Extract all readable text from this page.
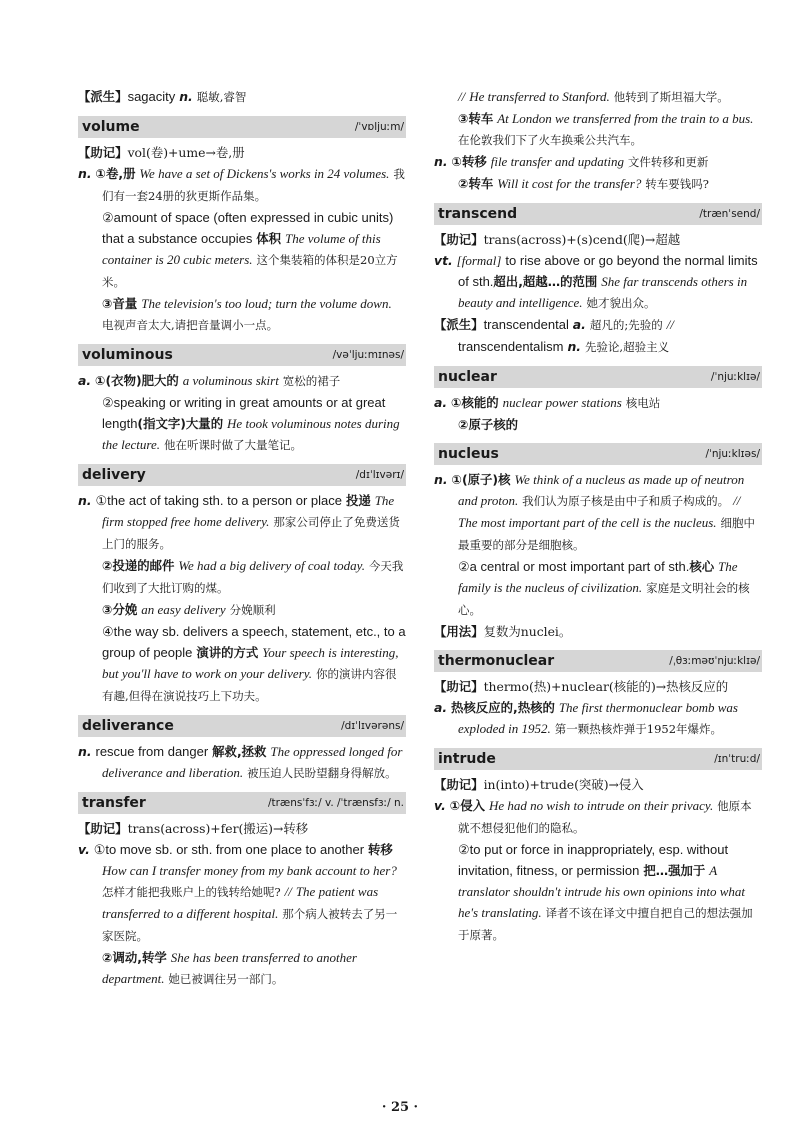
【派生】sagacity n. 聪敏,睿智
volume	/ˈvɒljuːm/
【助记】vol(卷)+ume→卷,册
n. ①卷,册 We have a set of Dickens's works in 24 volumes. 我们有一套24册的狄更斯作品集。
②amount of space (often expressed in cubic units) that a substance occupies 体积 The volume of this container is 20 cubic meters. 这个集装箱的体积是20立方米。
③音量 The television's too loud; turn the volume down. 电视声音太大,请把音量调小一点。
voluminous	/vəˈljuːmɪnəs/
a. ①(衣物)肥大的 a voluminous skirt 宽松的裙子
②speaking or writing in great amounts or at great length(指文字)大量的 He took voluminous notes during the lecture. 他在听课时做了大量笔记。
delivery	/dɪˈlɪvərɪ/
n. ①the act of taking sth. to a person or place 投递 The firm stopped free home delivery. 那家公司停止了免费送货上门的服务。
②投递的邮件 We had a big delivery of coal today. 今天我们收到了大批订购的煤。
③分娩 an easy delivery 分娩顺利
④the way sb. delivers a speech, statement, etc., to a group of people 演讲的方式 Your speech is interesting, but you'll have to work on your delivery. 你的演讲内容很有趣,但得在演说技巧上下功夫。
deliverance	/dɪˈlɪvərəns/
n. rescue from danger 解救,拯救 The oppressed longed for deliverance and liberation. 被压迫人民盼望翻身得解放。
transfer	/trænsˈfɜː/ v. /ˈtrænsfɜː/ n.
【助记】trans(across)+fer(搬运)→转移
v. ①to move sb. or sth. from one place to another 转移 How can I transfer money from my bank account to her? 怎样才能把我账户上的钱转给她呢? // The patient was transferred to a different hospital. 那个病人被转去了另一家医院。
②调动,转学 She has been transferred to another department. 她已被调往另一部门。
// He transferred to Stanford. 他转到了斯坦福大学。
③转车 At London we transferred from the train to a bus. 在伦敦我们下了火车换乘公共汽车。
n. ①转移 file transfer and updating 文件转移和更新
②转车 Will it cost for the transfer? 转车要钱吗?
transcend	/trænˈsend/
【助记】trans(across)+(s)cend(爬)→超越
vt. [formal] to rise above or go beyond the normal limits of sth.超出,超越…的范围 She far transcends others in beauty and intelligence. 她才貌出众。
【派生】transcendental a. 超凡的;先验的 // transcendentalism n. 先验论,超验主义
nuclear	/ˈnjuːklɪə/
a. ①核能的 nuclear power stations 核电站
②原子核的
nucleus	/ˈnjuːklɪəs/
n. ①(原子)核 We think of a nucleus as made up of neutron and proton. 我们认为原子核是由中子和质子构成的。 // The most important part of the cell is the nucleus. 细胞中最重要的部分是细胞核。
②a central or most important part of sth.核心 The family is the nucleus of civilization. 家庭是文明社会的核心。
【用法】复数为nuclei。
thermonuclear	/ˌθɜːməʊˈnjuːklɪə/
【助记】thermo(热)+nuclear(核能的)→热核反应的
a. 热核反应的,热核的 The first thermonuclear bomb was exploded in 1952. 第一颗热核炸弹于1952年爆炸。
intrude	/ɪnˈtruːd/
【助记】in(into)+trude(突破)→侵入
v. ①侵入 He had no wish to intrude on their privacy. 他原本就不想侵犯他们的隐私。
②to put or force in inappropriately, esp. without invitation, fitness, or permission 把…强加于 A translator shouldn't intrude his own opinions into what he's translating. 译者不该在译文中擅自把自己的想法强加于原著。
· 25 ·
